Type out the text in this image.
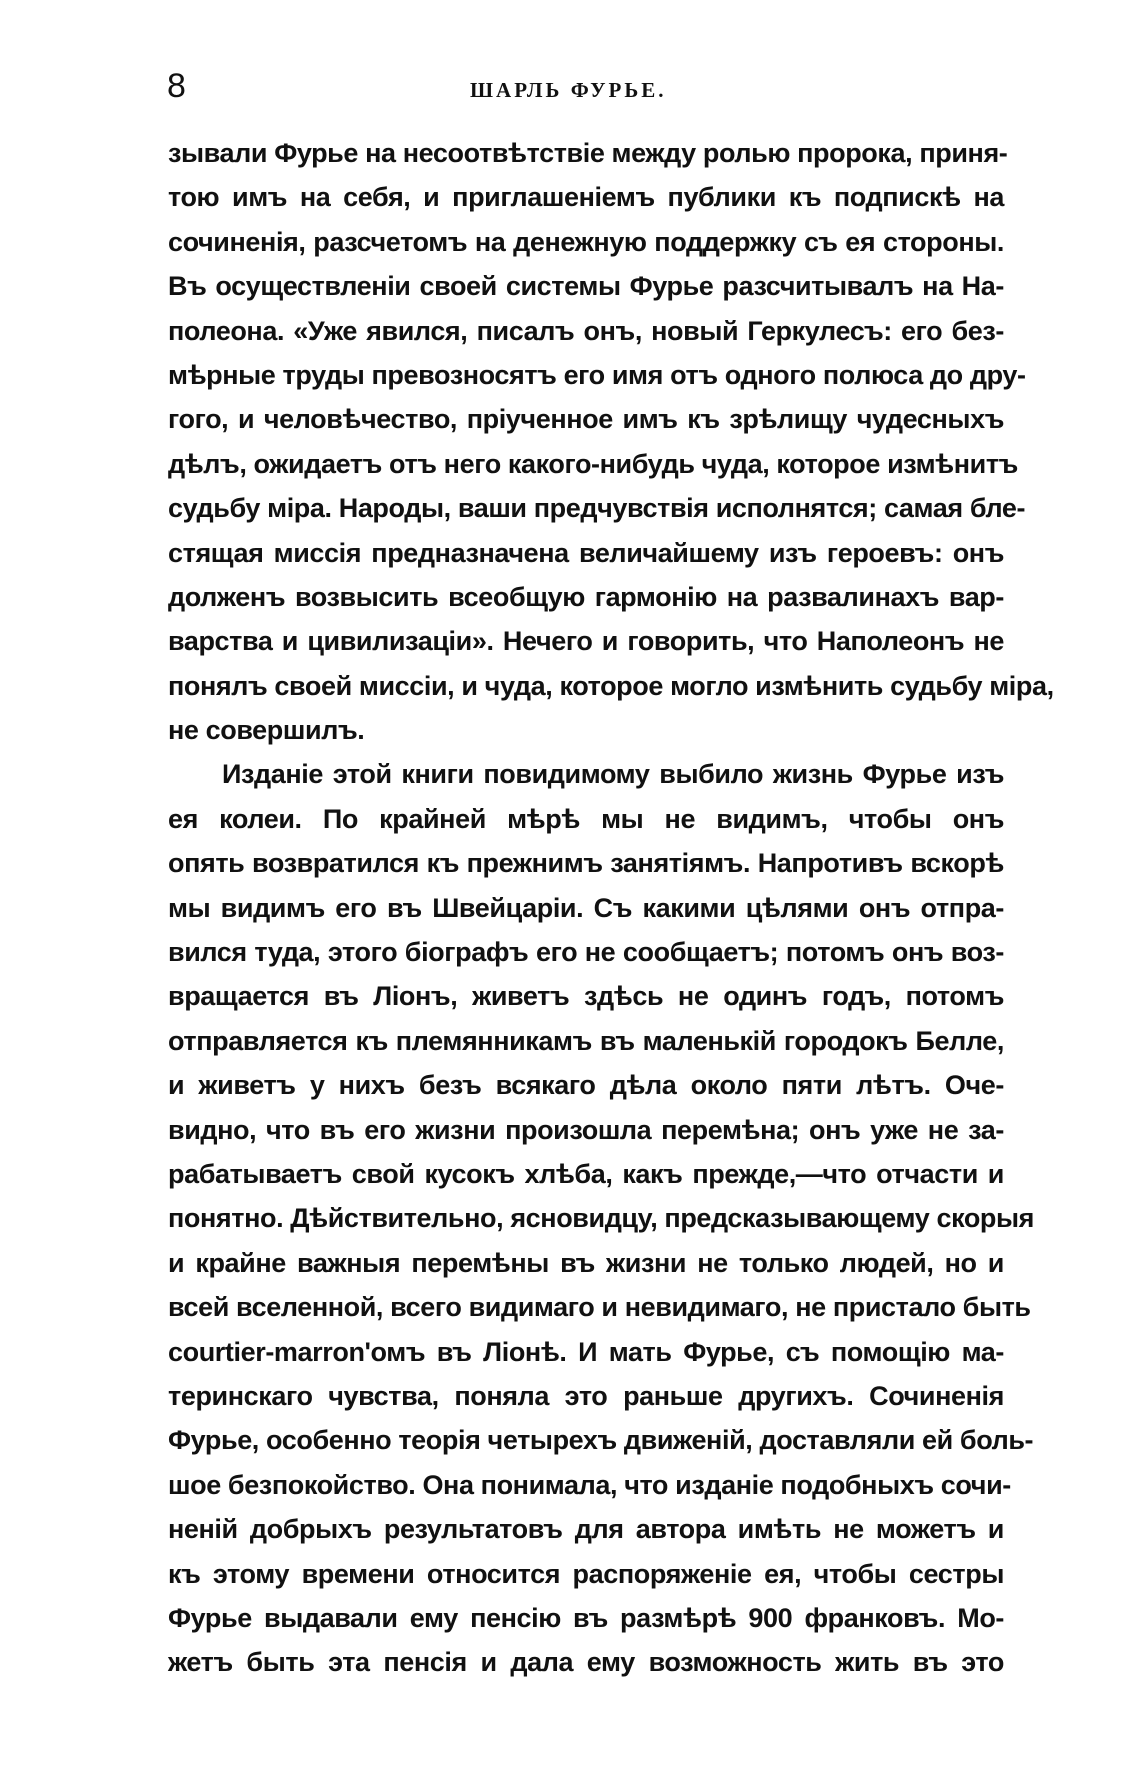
8	ШАРЛЬ ФУРЬЕ.
зывали Фурье на несоотвѣтствіе между ролью пророка, приня-
тою имъ на себя, и приглашеніемъ публики къ подпискѣ на
сочиненія, разсчетомъ на денежную поддержку съ ея стороны.
Въ осуществленіи своей системы Фурье разсчитывалъ на На-
полеона. «Уже явился, писалъ онъ, новый Геркулесъ: его без-
мѣрные труды превозносятъ его имя отъ одного полюса до дру-
гого, и человѣчество, пріученное имъ къ зрѣлищу чудесныхъ
дѣлъ, ожидаетъ отъ него какого-нибудь чуда, которое измѣнитъ
судьбу міра. Народы, ваши предчувствія исполнятся; самая бле-
стящая миссія предназначена величайшему изъ героевъ: онъ
долженъ возвысить всеобщую гармонію на развалинахъ вар-
варства и цивилизаціи». Нечего и говорить, что Наполеонъ не
понялъ своей миссіи, и чуда, которое могло измѣнить судьбу міра,
не совершилъ.
Изданіе этой книги повидимому выбило жизнь Фурье изъ
ея колеи. По крайней мѣрѣ мы не видимъ, чтобы онъ
опять возвратился къ прежнимъ занятіямъ. Напротивъ вскорѣ
мы видимъ его въ Швейцаріи. Съ какими цѣлями онъ отпра-
вился туда, этого біографъ его не сообщаетъ; потомъ онъ воз-
вращается въ Ліонъ, живетъ здѣсь не одинъ годъ, потомъ
отправляется къ племянникамъ въ маленькій городокъ Белле,
и живетъ у нихъ безъ всякаго дѣла около пяти лѣтъ. Оче-
видно, что въ его жизни произошла перемѣна; онъ уже не за-
рабатываетъ свой кусокъ хлѣба, какъ прежде,—что отчасти и
понятно. Дѣйствительно, ясновидцу, предсказывающему скорыя
и крайне важныя перемѣны въ жизни не только людей, но и
всей вселенной, всего видимаго и невидимаго, не пристало быть
courtier-marron'омъ въ Ліонѣ. И мать Фурье, съ помощію ма-
теринскаго чувства, поняла это раньше другихъ. Сочиненія
Фурье, особенно теорія четырехъ движеній, доставляли ей боль-
шое безпокойство. Она понимала, что изданіе подобныхъ сочи-
неній добрыхъ результатовъ для автора имѣть не можетъ и
къ этому времени относится распоряженіе ея, чтобы сестры
Фурье выдавали ему пенсію въ размѣрѣ 900 франковъ. Мо-
жетъ быть эта пенсія и дала ему возможность жить въ это
